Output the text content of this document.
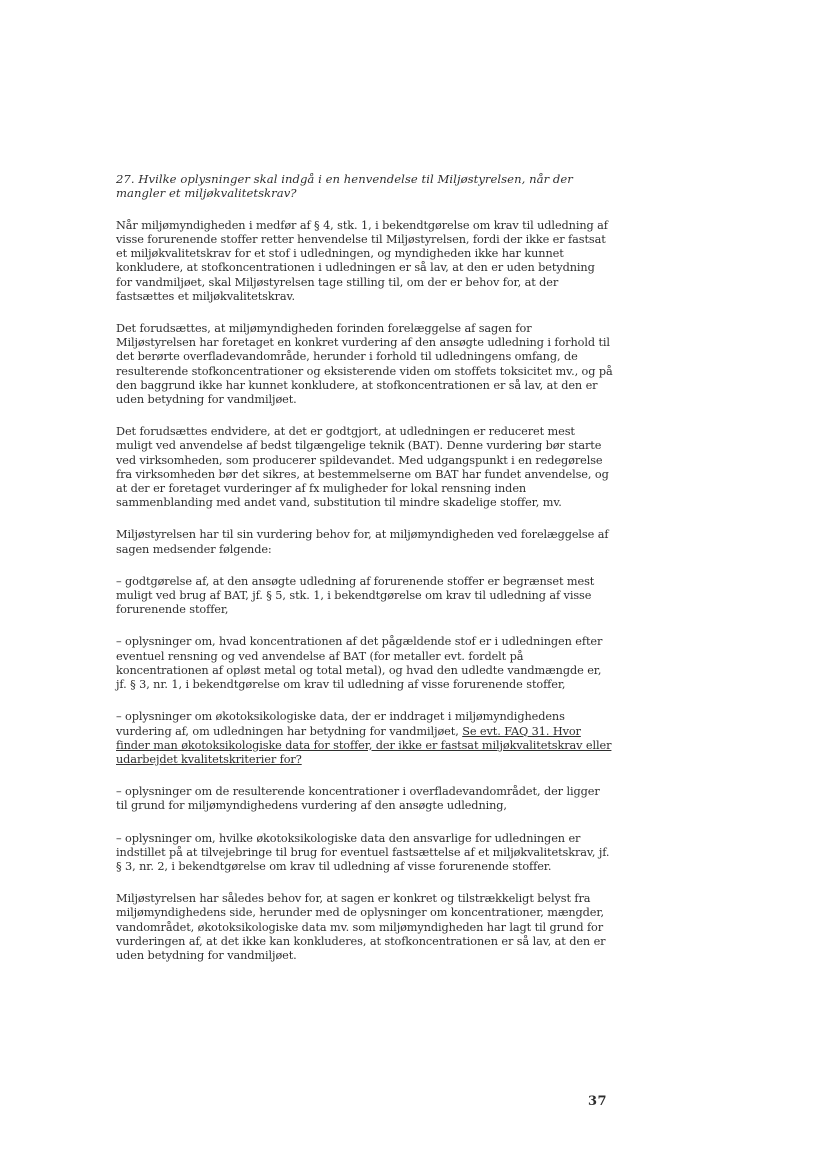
27. Hvilke oplysninger skal indgå i en henvendelse til Miljøstyrelsen, når der mangler et miljøkvalitetskrav?

Når miljømyndigheden i medfør af § 4, stk. 1, i bekendtgørelse om krav til udledning af visse forurenende stoffer retter henvendelse til Miljøstyrelsen, fordi der ikke er fastsat et miljøkvalitetskrav for et stof i udledningen, og myndigheden ikke har kunnet konkludere, at stofkoncentrationen i udledningen er så lav, at den er uden betydning for vandmiljøet, skal Miljøstyrelsen tage stilling til, om der er behov for, at der fastsættes et miljøkvalitetskrav.

Det forudsættes, at miljømyndigheden forinden forelæggelse af sagen for Miljøstyrelsen har foretaget en konkret vurdering af den ansøgte udledning i forhold til det berørte overfladevandområde, herunder i forhold til udledningens omfang, de resulterende stofkoncentrationer og eksisterende viden om stoffets toksicitet mv., og på den baggrund ikke har kunnet konkludere, at stofkoncentrationen er så lav, at den er uden betydning for vandmiljøet.

Det forudsættes endvidere, at det er godtgjort, at udledningen er reduceret mest muligt ved anvendelse af bedst tilgængelige teknik (BAT). Denne vurdering bør starte ved virksomheden, som producerer spildevandet. Med udgangspunkt i en redegørelse fra virksomheden bør det sikres, at bestemmelserne om BAT har fundet anvendelse, og at der er foretaget vurderinger af fx muligheder for lokal rensning inden sammenblanding med andet vand, substitution til mindre skadelige stoffer, mv.

Miljøstyrelsen har til sin vurdering behov for, at miljømyndigheden ved forelæggelse af sagen medsender følgende:

– godtgørelse af, at den ansøgte udledning af forurenende stoffer er begrænset mest muligt ved brug af BAT, jf. § 5, stk. 1, i bekendtgørelse om krav til udledning af visse forurenende stoffer,

– oplysninger om, hvad koncentrationen af det pågældende stof er i udledningen efter eventuel rensning og ved anvendelse af BAT (for metaller evt. fordelt på koncentrationen af opløst metal og total metal), og hvad den udledte vandmængde er, jf. § 3, nr. 1, i bekendtgørelse om krav til udledning af visse forurenende stoffer,

– oplysninger om økotoksikologiske data, der er inddraget i miljømyndighedens vurdering af, om udledningen har betydning for vandmiljøet, Se evt. FAQ 31. Hvor finder man økotoksikologiske data for stoffer, der ikke er fastsat miljøkvalitetskrav eller udarbejdet kvalitetskriterier for?

– oplysninger om de resulterende koncentrationer i overfladevandområdet, der ligger til grund for miljømyndighedens vurdering af den ansøgte udledning,

– oplysninger om, hvilke økotoksikologiske data den ansvarlige for udledningen er indstillet på at tilvejebringe til brug for eventuel fastsættelse af et miljøkvalitetskrav, jf. § 3, nr. 2, i bekendtgørelse om krav til udledning af visse forurenende stoffer.

Miljøstyrelsen har således behov for, at sagen er konkret og tilstrækkeligt belyst fra miljømyndighedens side, herunder med de oplysninger om koncentrationer, mængder, vandområdet, økotoksikologiske data mv. som miljømyndigheden har lagt til grund for vurderingen af, at det ikke kan konkluderes, at stofkoncentrationen er så lav, at den er uden betydning for vandmiljøet.

37
